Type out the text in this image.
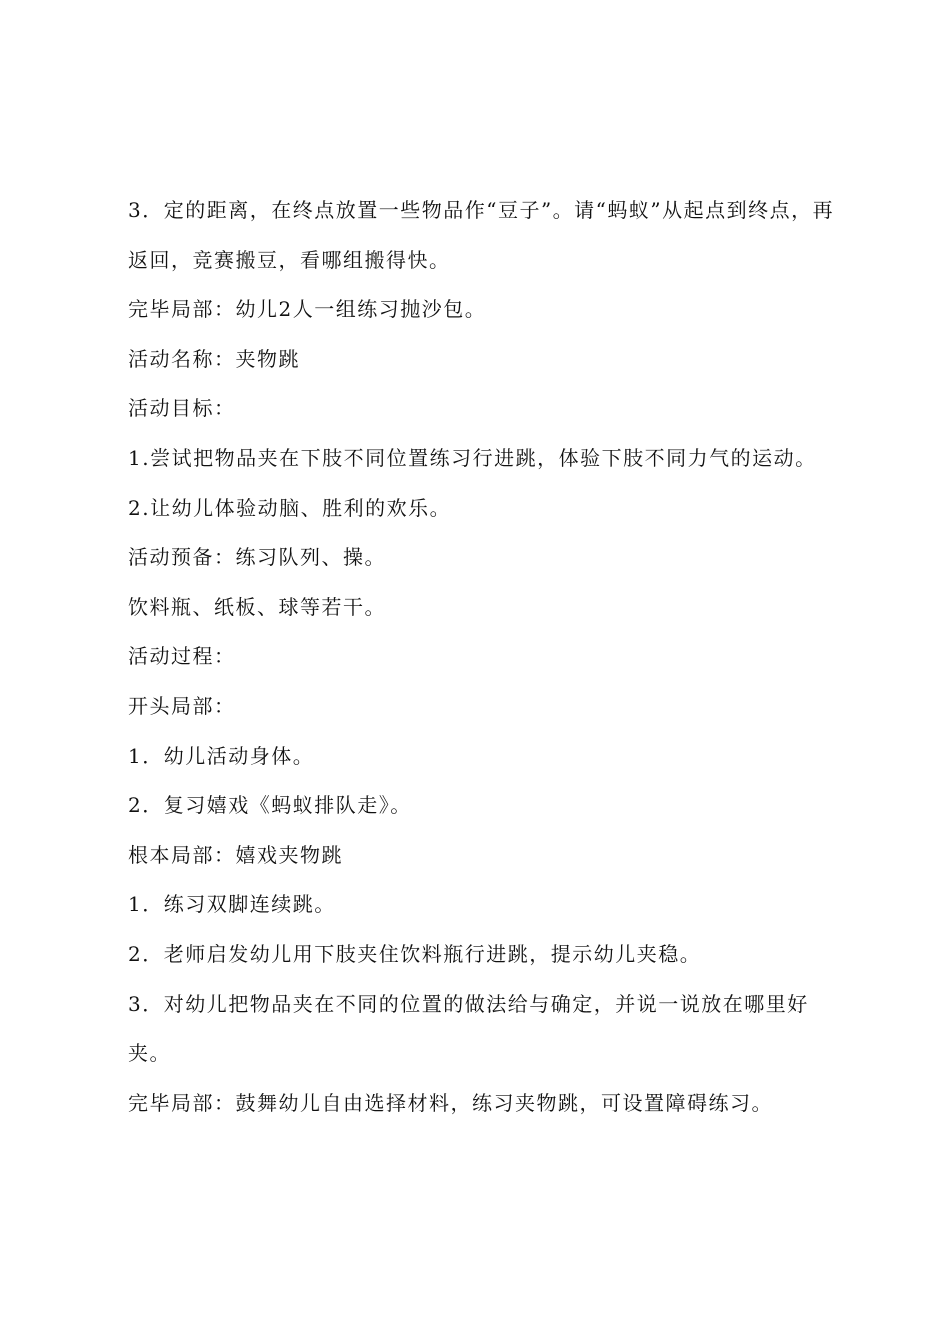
3．定的距离，在终点放置一些物品作“豆子”。请“蚂蚁”从起点到终点，再返回，竞赛搬豆，看哪组搬得快。

完毕局部：幼儿2人一组练习抛沙包。

活动名称：夹物跳

活动目标：

1.尝试把物品夹在下肢不同位置练习行进跳，体验下肢不同力气的运动。

2.让幼儿体验动脑、胜利的欢乐。

活动预备：练习队列、操。

饮料瓶、纸板、球等若干。

活动过程：

开头局部：

1．幼儿活动身体。

2．复习嬉戏《蚂蚁排队走》。

根本局部：嬉戏夹物跳

1．练习双脚连续跳。

2．老师启发幼儿用下肢夹住饮料瓶行进跳，提示幼儿夹稳。

3．对幼儿把物品夹在不同的位置的做法给与确定，并说一说放在哪里好夹。

完毕局部：鼓舞幼儿自由选择材料，练习夹物跳，可设置障碍练习。
